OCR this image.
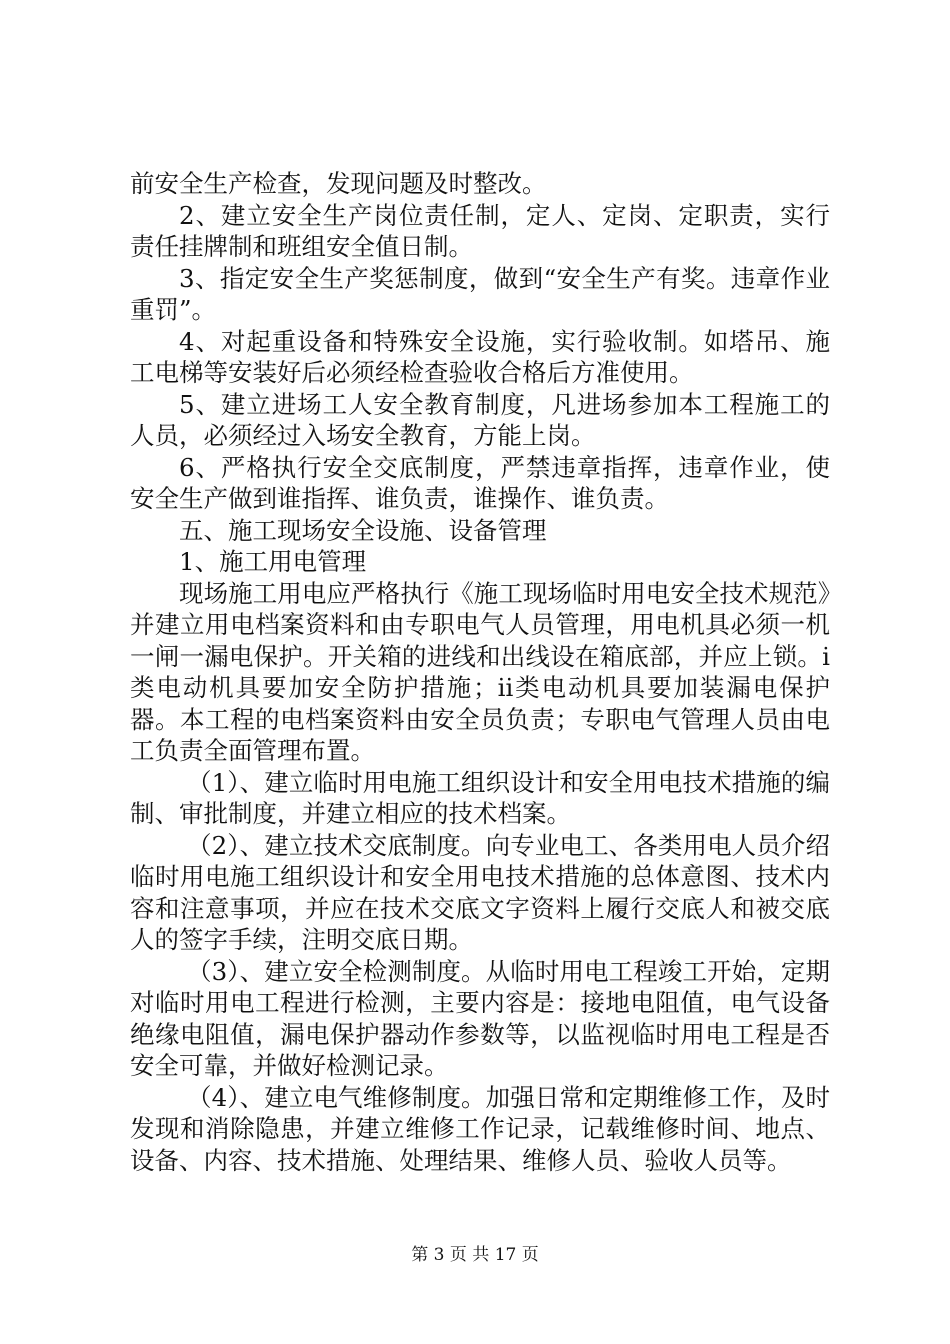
前安全生产检查，发现问题及时整改。

2、建立安全生产岗位责任制，定人、定岗、定职责，实行责任挂牌制和班组安全值日制。

3、指定安全生产奖惩制度，做到“安全生产有奖。违章作业重罚”。

4、对起重设备和特殊安全设施，实行验收制。如塔吊、施工电梯等安装好后必须经检查验收合格后方准使用。

5、建立进场工人安全教育制度，凡进场参加本工程施工的人员，必须经过入场安全教育，方能上岗。

6、严格执行安全交底制度，严禁违章指挥，违章作业，使安全生产做到谁指挥、谁负责，谁操作、谁负责。

五、施工现场安全设施、设备管理

1、施工用电管理

现场施工用电应严格执行《施工现场临时用电安全技术规范》并建立用电档案资料和由专职电气人员管理，用电机具必须一机一闸一漏电保护。开关箱的进线和出线设在箱底部，并应上锁。i类电动机具要加安全防护措施；ii类电动机具要加装漏电保护器。本工程的电档案资料由安全员负责；专职电气管理人员由电工负责全面管理布置。

（1）、建立临时用电施工组织设计和安全用电技术措施的编制、审批制度，并建立相应的技术档案。

（2）、建立技术交底制度。向专业电工、各类用电人员介绍临时用电施工组织设计和安全用电技术措施的总体意图、技术内容和注意事项，并应在技术交底文字资料上履行交底人和被交底人的签字手续，注明交底日期。

（3）、建立安全检测制度。从临时用电工程竣工开始，定期对临时用电工程进行检测，主要内容是：接地电阻值，电气设备绝缘电阻值，漏电保护器动作参数等，以监视临时用电工程是否安全可靠，并做好检测记录。

（4）、建立电气维修制度。加强日常和定期维修工作，及时发现和消除隐患，并建立维修工作记录，记载维修时间、地点、设备、内容、技术措施、处理结果、维修人员、验收人员等。

第 3 页 共 17 页
